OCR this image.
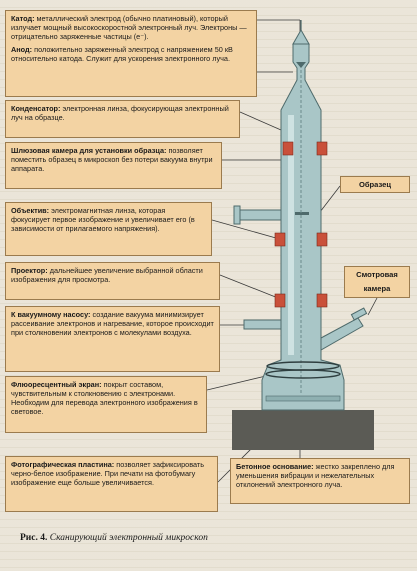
Катод: металлический электрод (обычно платиновый), который излучает мощный высокоскоростной электронный луч. Электроны — отрицательно заряженные частицы (e⁻).
Анод: положительно заряженный электрод с напряжением 50 кВ относительно катода. Служит для ускорения электронного луча.
Конденсатор: электронная линза, фокусирующая электронный луч на образце.
Шлюзовая камера для установки образца: позволяет поместить образец в микроскоп без потери вакуума внутри аппарата.
Объектив: электромагнитная линза, которая фокусирует первое изображение и увеличивает его (в зависимости от прилагаемого напряжения).
Проектор: дальнейшее увеличение выбранной области изображения для просмотра.
К вакуумному насосу: создание вакуума минимизирует рассеивание электронов и нагревание, которое происходит при столкновении электронов с молекулами воздуха.
Флюоресцентный экран: покрыт составом, чувствительным к столкновению с электронами. Необходим для перевода электронного изображения в световое.
Фотографическая пластина: позволяет зафиксировать черно-белое изображение. При печати на фотобумагу изображение еще больше увеличивается.
Бетонное основание: жестко закреплено для уменьшения вибрации и нежелательных отклонений электронного луча.
Образец
Смотровая камера
Рис. 4. Сканирующий электронный микроскоп
